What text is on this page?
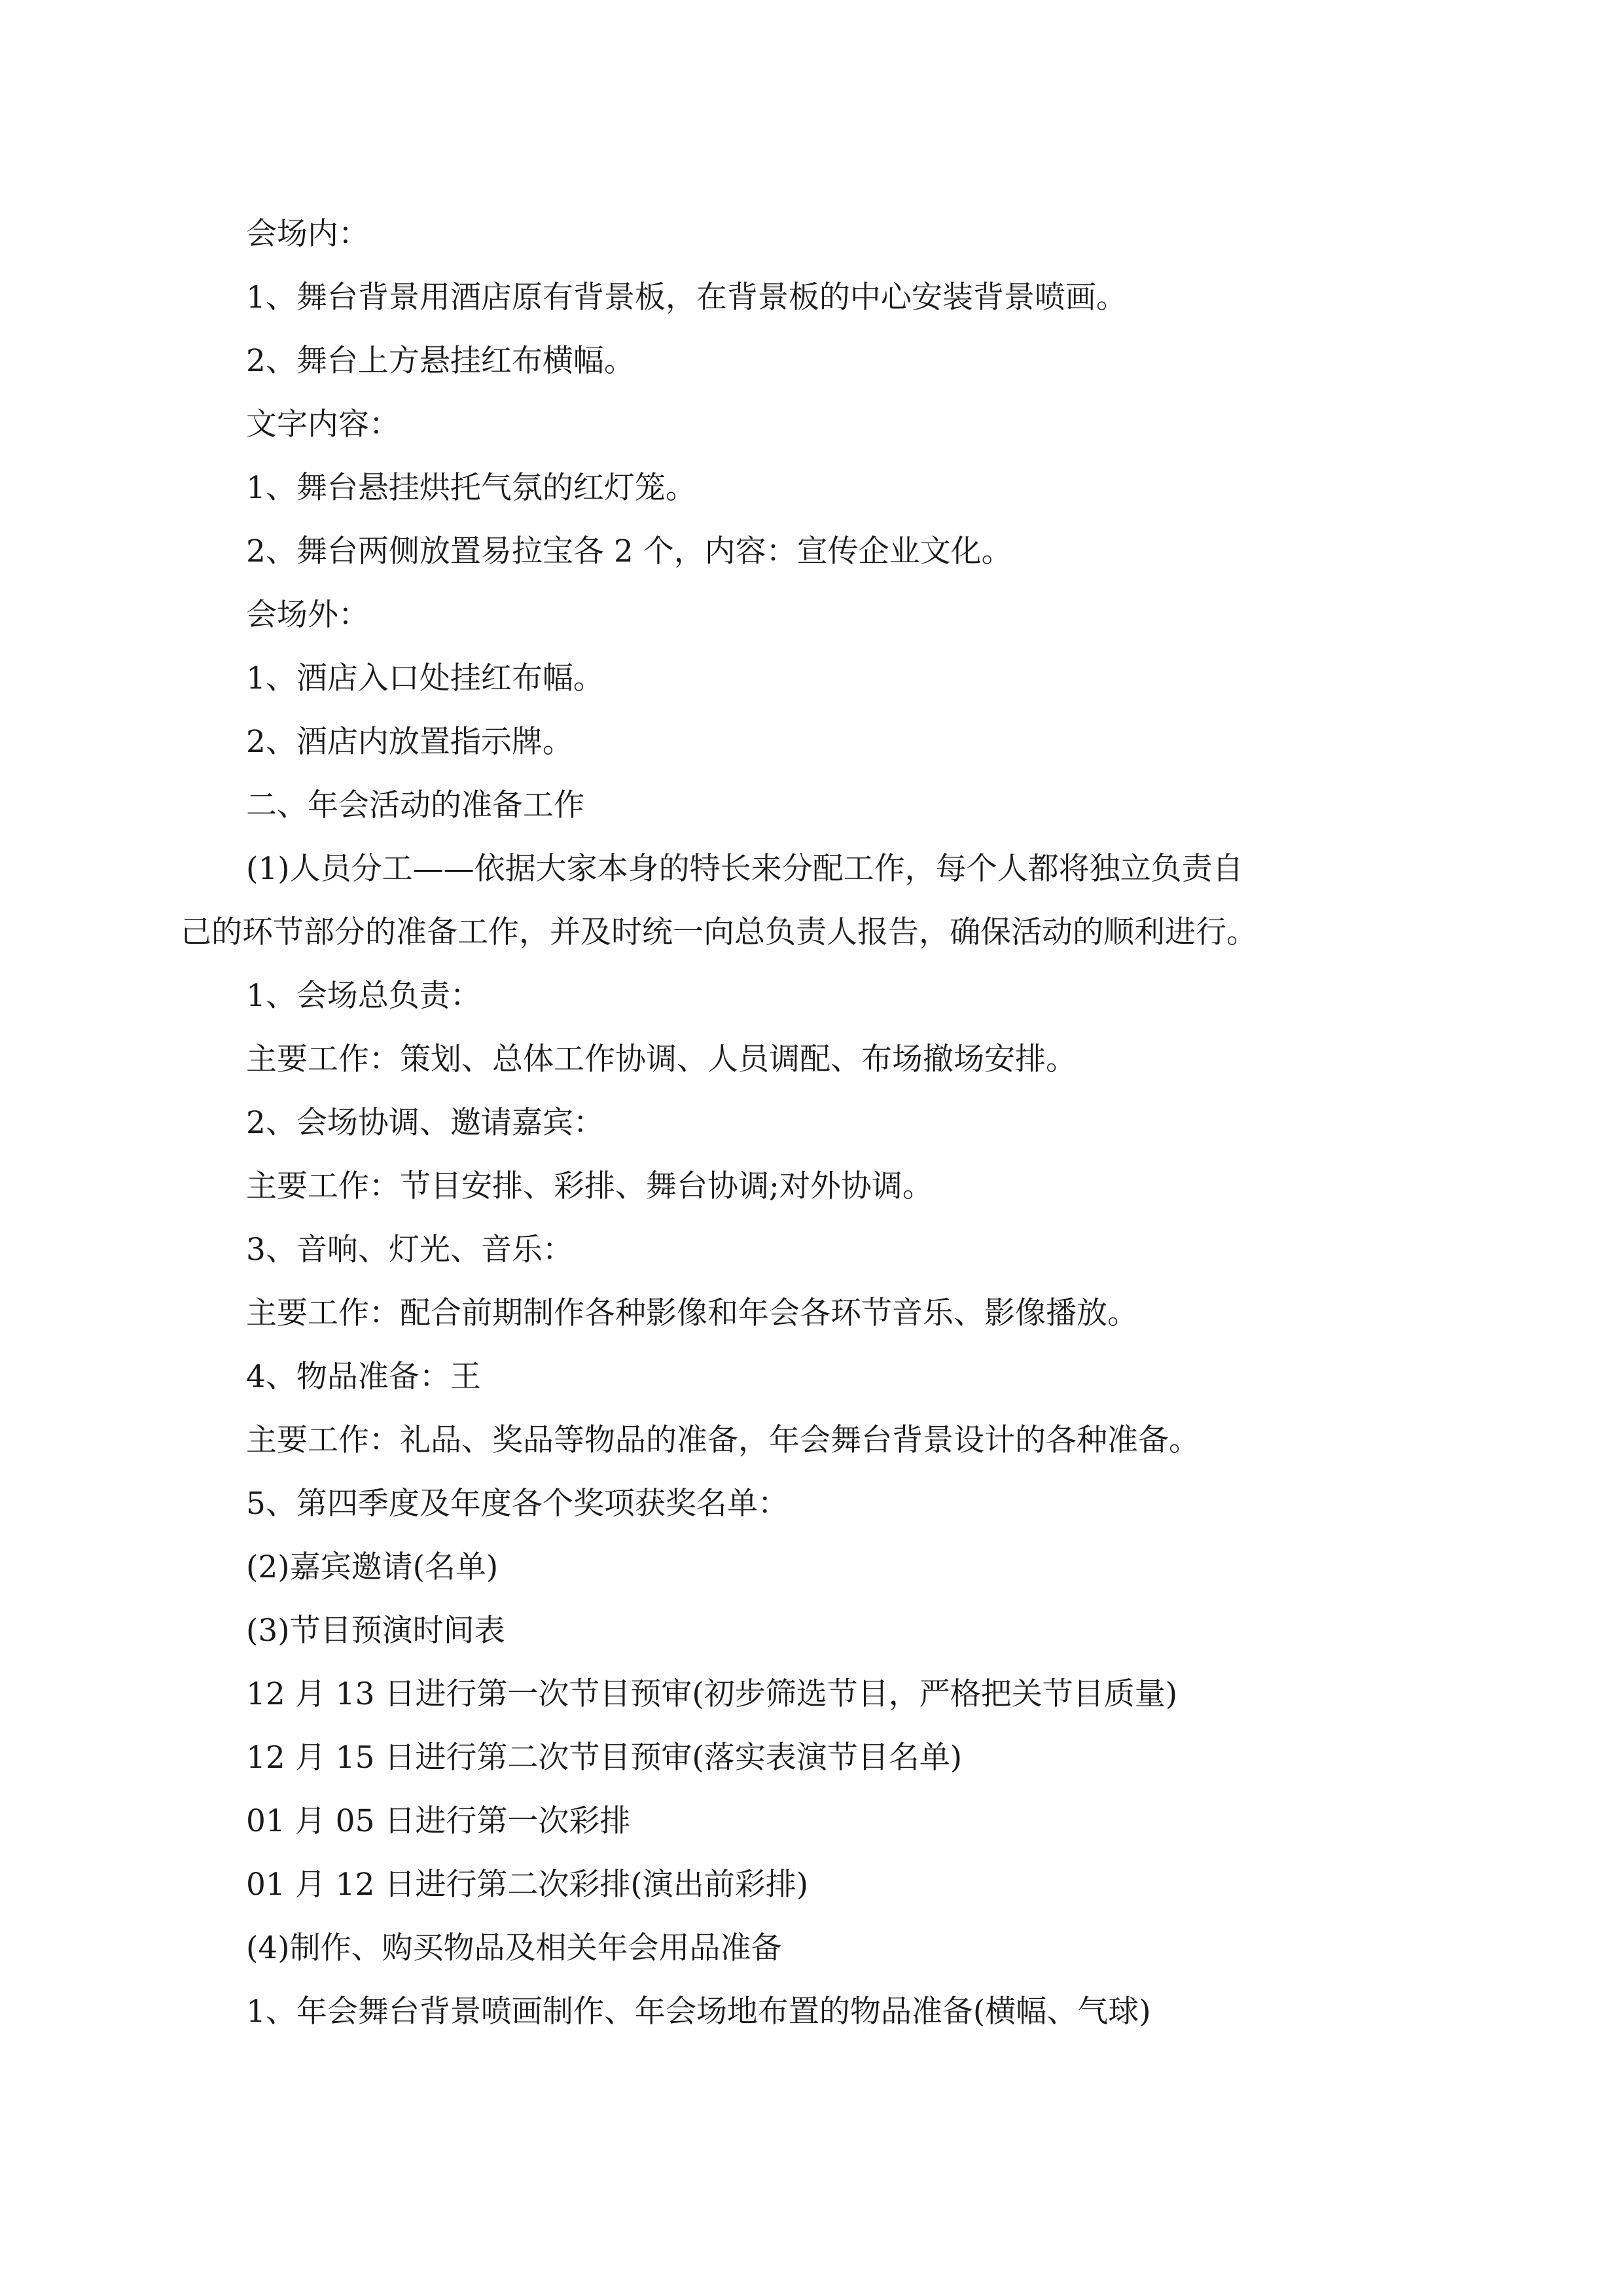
会场内：
1、舞台背景用酒店原有背景板，在背景板的中心安装背景喷画。
2、舞台上方悬挂红布横幅。
文字内容：
1、舞台悬挂烘托气氛的红灯笼。
2、舞台两侧放置易拉宝各 2 个，内容：宣传企业文化。
会场外：
1、酒店入口处挂红布幅。
2、酒店内放置指示牌。
二、年会活动的准备工作
(1)人员分工——依据大家本身的特长来分配工作，每个人都将独立负责自
己的环节部分的准备工作，并及时统一向总负责人报告，确保活动的顺利进行。
1、会场总负责：
主要工作：策划、总体工作协调、人员调配、布场撤场安排。
2、会场协调、邀请嘉宾：
主要工作：节目安排、彩排、舞台协调;对外协调。
3、音响、灯光、音乐：
主要工作：配合前期制作各种影像和年会各环节音乐、影像播放。
4、物品准备：王
主要工作：礼品、奖品等物品的准备，年会舞台背景设计的各种准备。
5、第四季度及年度各个奖项获奖名单：
(2)嘉宾邀请(名单)
(3)节目预演时间表
12 月 13 日进行第一次节目预审(初步筛选节目，严格把关节目质量)
12 月 15 日进行第二次节目预审(落实表演节目名单)
01 月 05 日进行第一次彩排
01 月 12 日进行第二次彩排(演出前彩排)
(4)制作、购买物品及相关年会用品准备
1、年会舞台背景喷画制作、年会场地布置的物品准备(横幅、气球)
